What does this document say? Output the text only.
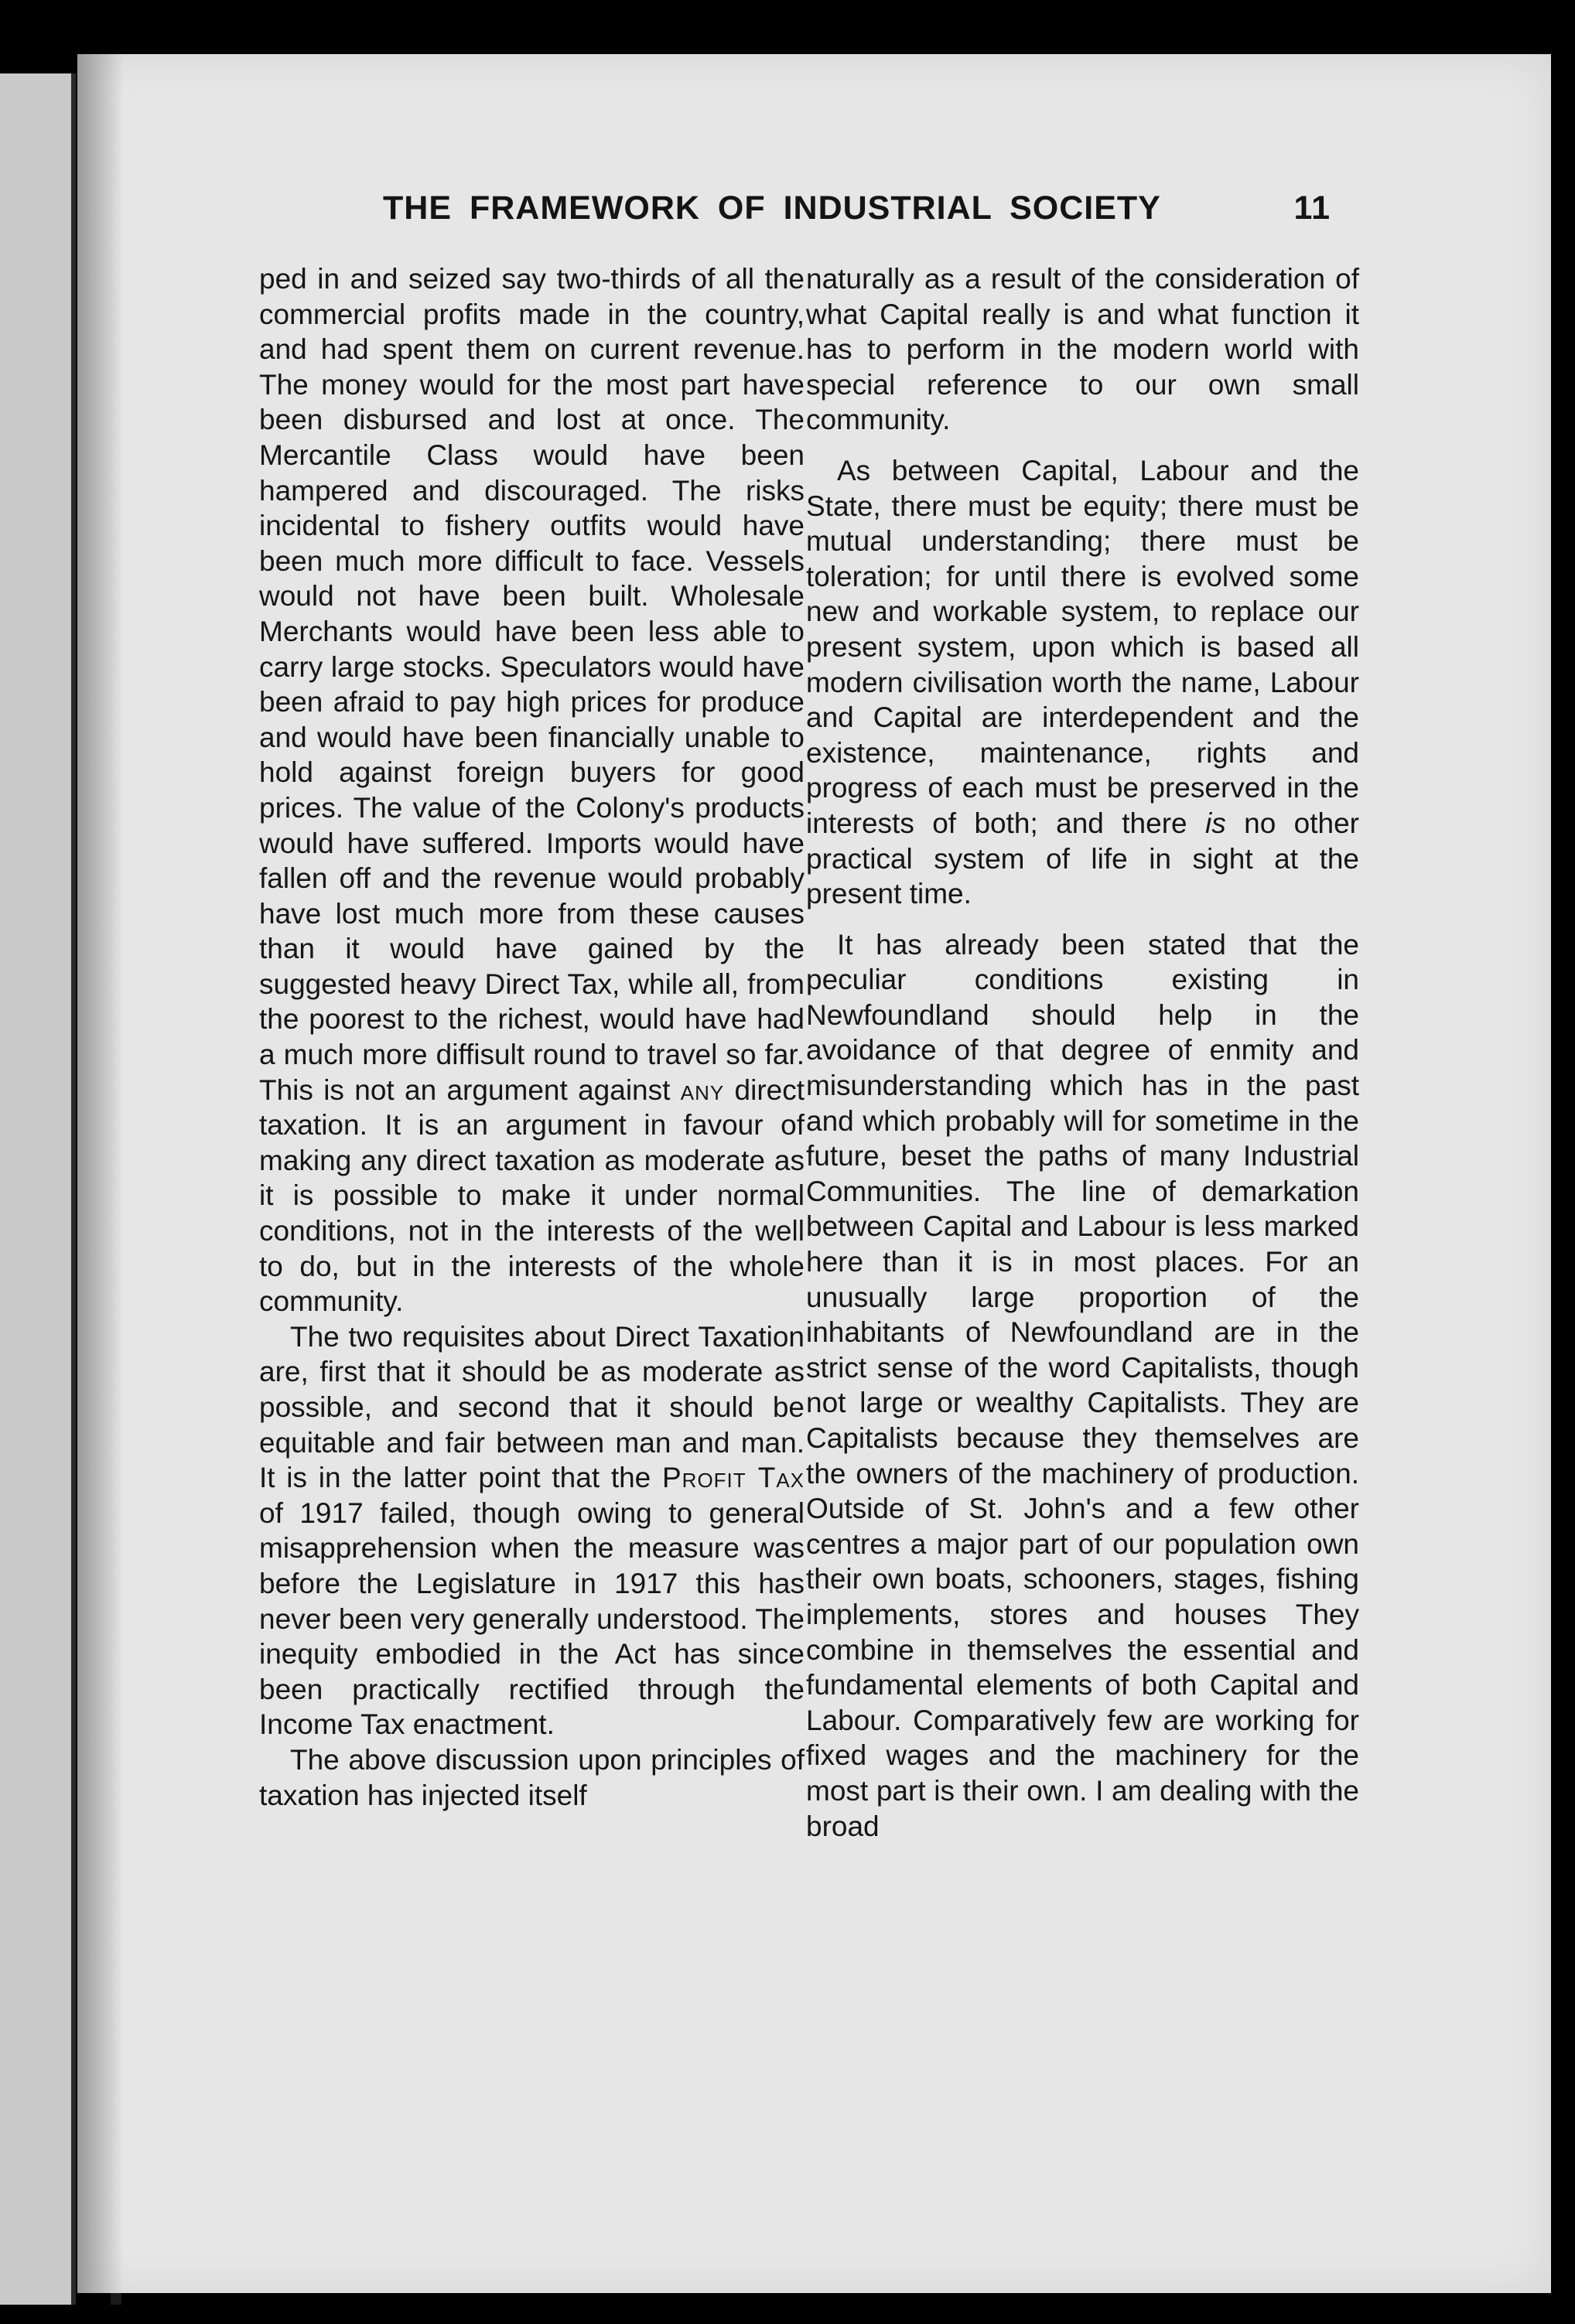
THE FRAMEWORK OF INDUSTRIAL SOCIETY	11

ped in and seized say two-thirds of all the commercial profits made in the country, and had spent them on current revenue. The money would for the most part have been disbursed and lost at once. The Mercantile Class would have been hampered and discouraged. The risks incidental to fishery outfits would have been much more difficult to face. Vessels would not have been built. Wholesale Merchants would have been less able to carry large stocks. Speculators would have been afraid to pay high prices for produce and would have been financially unable to hold against foreign buyers for good prices. The value of the Colony's products would have suffered. Imports would have fallen off and the revenue would probably have lost much more from these causes than it would have gained by the suggested heavy Direct Tax, while all, from the poorest to the richest, would have had a much more diffisult round to travel so far. This is not an argument against any direct taxation. It is an argument in favour of making any direct taxation as moderate as it is possible to make it under normal conditions, not in the interests of the well to do, but in the interests of the whole community.

The two requisites about Direct Taxation are, first that it should be as moderate as possible, and second that it should be equitable and fair between man and man. It is in the latter point that the Profit Tax of 1917 failed, though owing to general misapprehension when the measure was before the Legislature in 1917 this has never been very generally understood. The inequity embodied in the Act has since been practically rectified through the Income Tax enactment.

The above discussion upon principles of taxation has injected itself

naturally as a result of the consideration of what Capital really is and what function it has to perform in the modern world with special reference to our own small community.

As between Capital, Labour and the State, there must be equity; there must be mutual understanding; there must be toleration; for until there is evolved some new and workable system, to replace our present system, upon which is based all modern civilisation worth the name, Labour and Capital are interdependent and the existence, maintenance, rights and progress of each must be preserved in the interests of both; and there is no other practical system of life in sight at the present time.

It has already been stated that the peculiar conditions existing in Newfoundland should help in the avoidance of that degree of enmity and misunderstanding which has in the past and which probably will for sometime in the future, beset the paths of many Industrial Communities. The line of demarkation between Capital and Labour is less marked here than it is in most places. For an unusually large proportion of the inhabitants of Newfoundland are in the strict sense of the word Capitalists, though not large or wealthy Capitalists. They are Capitalists because they themselves are the owners of the machinery of production. Outside of St. John's and a few other centres a major part of our population own their own boats, schooners, stages, fishing implements, stores and houses They combine in themselves the essential and fundamental elements of both Capital and Labour. Comparatively few are working for fixed wages and the machinery for the most part is their own. I am dealing with the broad
